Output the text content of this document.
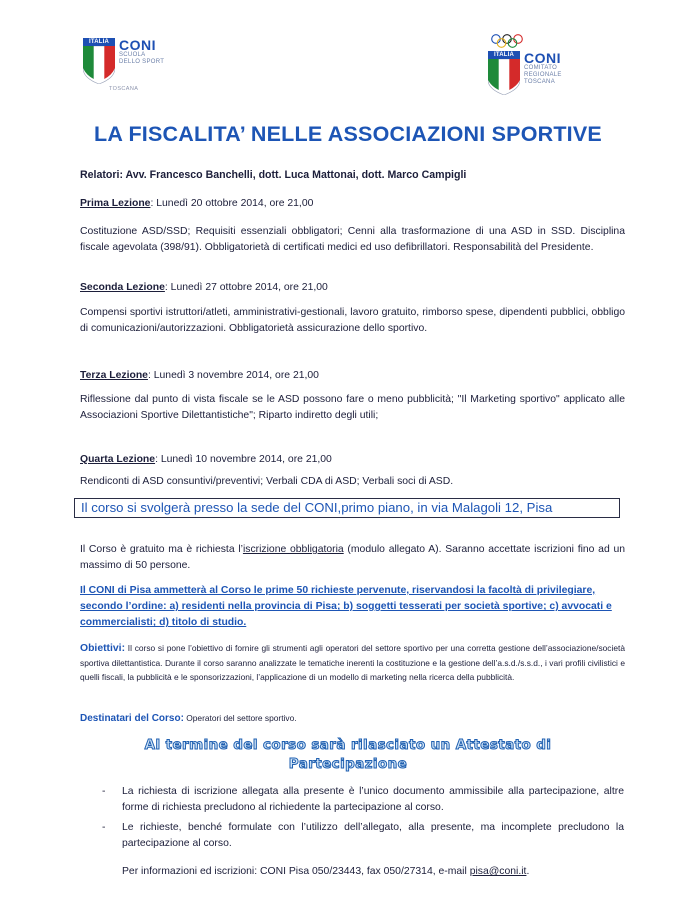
ITALIA CONI
SCUOLA
DELLO SPORT
TOSCANA
ITALIA CONI
COMITATO
REGIONALE
TOSCANA
LA FISCALITA’ NELLE ASSOCIAZIONI SPORTIVE
Relatori: Avv. Francesco Banchelli, dott. Luca Mattonai, dott. Marco Campigli
Prima Lezione: Lunedì 20 ottobre 2014, ore 21,00
Costituzione ASD/SSD; Requisiti essenziali obbligatori; Cenni alla trasformazione di una ASD in SSD. Disciplina fiscale agevolata (398/91). Obbligatorietà di certificati medici ed uso defibrillatori. Responsabilità del Presidente.
Seconda Lezione: Lunedì 27 ottobre 2014, ore 21,00
Compensi sportivi istruttori/atleti, amministrativi-gestionali, lavoro gratuito, rimborso spese, dipendenti pubblici, obbligo di comunicazioni/autorizzazioni. Obbligatorietà assicurazione dello sportivo.
Terza Lezione: Lunedì 3 novembre 2014, ore 21,00
Riflessione dal punto di vista fiscale se le ASD possono fare o meno pubblicità; "Il Marketing sportivo" applicato alle Associazioni Sportive Dilettantistiche"; Riparto indiretto degli utili;
Quarta Lezione: Lunedì 10 novembre 2014, ore 21,00
Rendiconti di ASD consuntivi/preventivi; Verbali CDA di ASD; Verbali soci di ASD.
Il corso si svolgerà presso la sede del CONI,primo piano, in via Malagoli 12, Pisa
Il Corso è gratuito ma è richiesta l’iscrizione obbligatoria (modulo allegato A). Saranno accettate iscrizioni fino ad un massimo di 50 persone.
Il CONI di Pisa ammetterà al Corso le prime 50 richieste pervenute, riservandosi la facoltà di privilegiare, secondo l’ordine: a) residenti nella provincia di Pisa; b) soggetti tesserati per società sportive; c) avvocati e commercialisti; d) titolo di studio.
Obiettivi: Il corso si pone l’obiettivo di fornire gli strumenti agli operatori del settore sportivo per una corretta gestione dell’associazione/società sportiva dilettantistica. Durante il corso saranno analizzate le tematiche inerenti la costituzione e la gestione dell’a.s.d./s.s.d., i vari profili civilistici e quelli fiscali, la pubblicità e le sponsorizzazioni, l’applicazione di un modello di marketing nella ricerca della pubblicità.
Destinatari del Corso: Operatori del settore sportivo.
Al termine del corso sarà rilasciato un Attestato di
Partecipazione
- La richiesta di iscrizione allegata alla presente è l’unico documento ammissibile alla partecipazione, altre forme di richiesta precludono al richiedente la partecipazione al corso.
- Le richieste, benché formulate con l’utilizzo dell’allegato, alla presente, ma incomplete precludono la partecipazione al corso.
Per informazioni ed iscrizioni: CONI Pisa 050/23443, fax 050/27314, e-mail pisa@coni.it.
